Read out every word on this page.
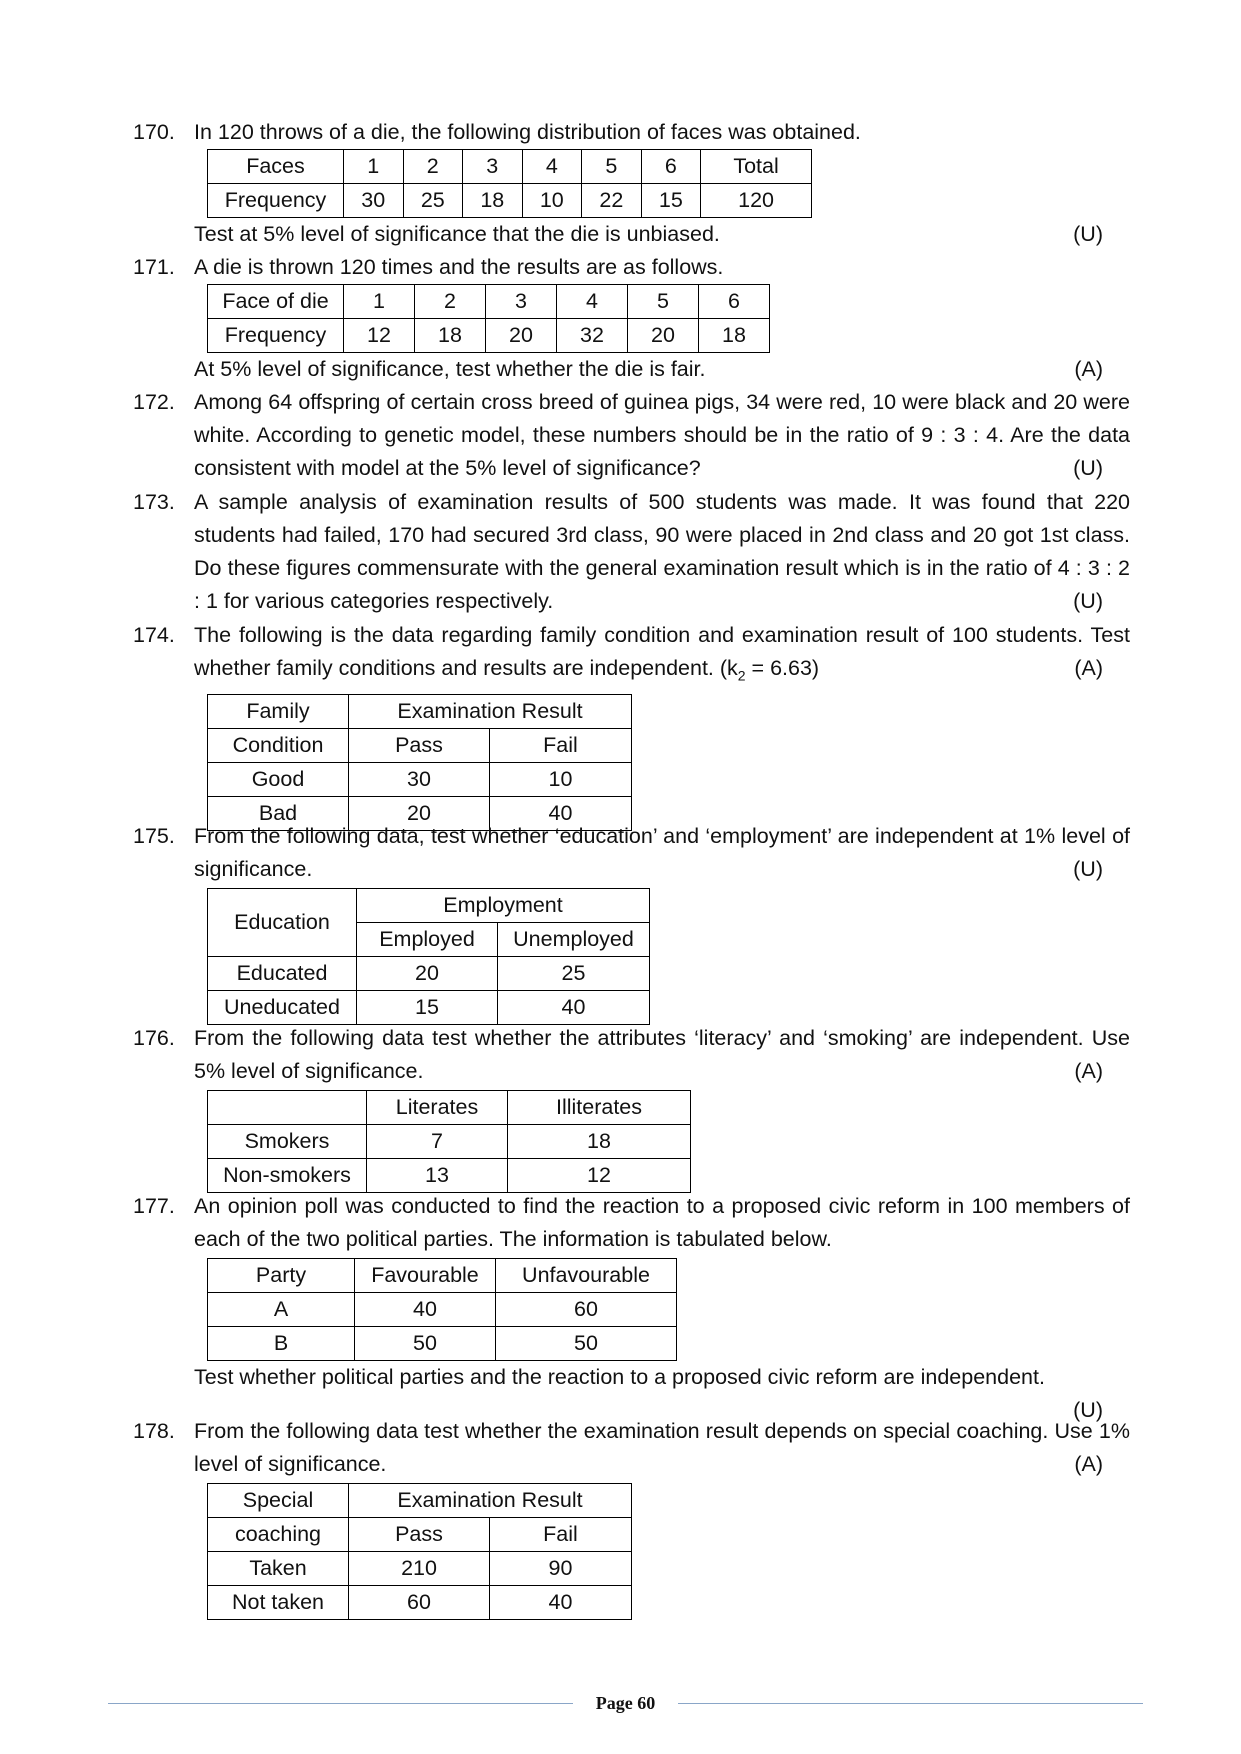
170. In 120 throws of a die, the following distribution of faces was obtained.
Faces	1	2	3	4	5	6	Total
Frequency	30	25	18	10	22	15	120
Test at 5% level of significance that the die is unbiased.	(U)
171. A die is thrown 120 times and the results are as follows.
Face of die	1	2	3	4	5	6
Frequency	12	18	20	32	20	18
At 5% level of significance, test whether the die is fair.	(A)
172. Among 64 offspring of certain cross breed of guinea pigs, 34 were red, 10 were black and 20 were white. According to genetic model, these numbers should be in the ratio of 9 : 3 : 4. Are the data consistent with model at the 5% level of significance?	(U)
173. A sample analysis of examination results of 500 students was made. It was found that 220 students had failed, 170 had secured 3rd class, 90 were placed in 2nd class and 20 got 1st class. Do these figures commensurate with the general examination result which is in the ratio of 4 : 3 : 2 : 1 for various categories respectively.	(U)
174. The following is the data regarding family condition and examination result of 100 students. Test whether family conditions and results are independent. $(k_2 = 6.63)$	(A)
Family	Examination Result	
Condition	Pass	Fail
Good	30	10
Bad	20	40
175. From the following data, test whether ‘education’ and ‘employment’ are independent at 1% level of significance.	(U)
Education	Employment	
	Employed	Unemployed
Educated	20	25
Uneducated	15	40
176. From the following data test whether the attributes ‘literacy’ and ‘smoking’ are independent. Use 5% level of significance.	(A)
	Literates	Illiterates
Smokers	7	18
Non-smokers	13	12
177. An opinion poll was conducted to find the reaction to a proposed civic reform in 100 members of each of the two political parties. The information is tabulated below.
Party	Favourable	Unfavourable
A	40	60
B	50	50
Test whether political parties and the reaction to a proposed civic reform are independent.
(U)
178. From the following data test whether the examination result depends on special coaching. Use 1% level of significance.	(A)
Special	Examination Result	
coaching	Pass	Fail
Taken	210	90
Not taken	60	40
Page 60
